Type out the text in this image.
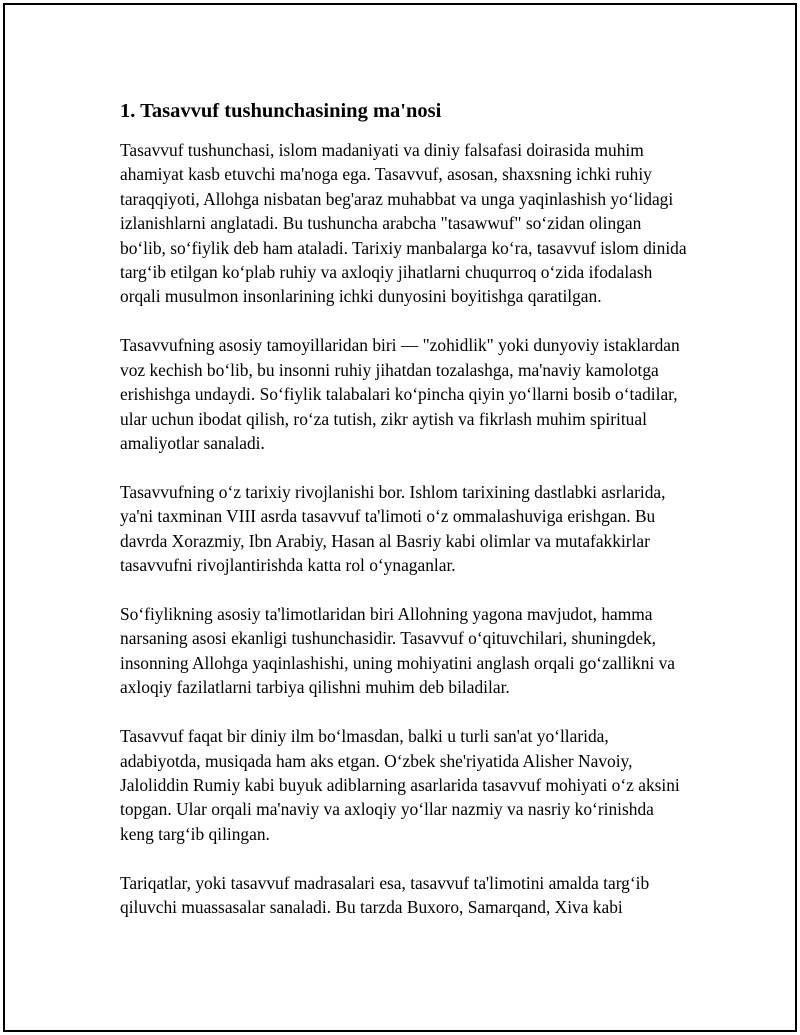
1. Tasavvuf tushunchasining ma'nosi

Tasavvuf tushunchasi, islom madaniyati va diniy falsafasi doirasida muhim ahamiyat kasb etuvchi ma'noga ega. Tasavvuf, asosan, shaxsning ichki ruhiy taraqqiyoti, Allohga nisbatan beg'araz muhabbat va unga yaqinlashish yo‘lidagi izlanishlarni anglatadi. Bu tushuncha arabcha "tasawwuf" so‘zidan olingan bo‘lib, so‘fiylik deb ham ataladi. Tarixiy manbalarga ko‘ra, tasavvuf islom dinida targ‘ib etilgan ko‘plab ruhiy va axloqiy jihatlarni chuqurroq o‘zida ifodalash orqali musulmon insonlarining ichki dunyosini boyitishga qaratilgan.

Tasavvufning asosiy tamoyillaridan biri — "zohidlik" yoki dunyoviy istaklardan voz kechish bo‘lib, bu insonni ruhiy jihatdan tozalashga, ma'naviy kamolotga erishishga undaydi. So‘fiylik talabalari ko‘pincha qiyin yo‘llarni bosib o‘tadilar, ular uchun ibodat qilish, ro‘za tutish, zikr aytish va fikrlash muhim spiritual amaliyotlar sanaladi.

Tasavvufning o‘z tarixiy rivojlanishi bor. Ishlom tarixining dastlabki asrlarida, ya'ni taxminan VIII asrda tasavvuf ta'limoti o‘z ommalashuviga erishgan. Bu davrda Xorazmiy, Ibn Arabiy, Hasan al Basriy kabi olimlar va mutafakkirlar tasavvufni rivojlantirishda katta rol o‘ynaganlar.

So‘fiylikning asosiy ta'limotlaridan biri Allohning yagona mavjudot, hamma narsaning asosi ekanligi tushunchasidir. Tasavvuf o‘qituvchilari, shuningdek, insonning Allohga yaqinlashishi, uning mohiyatini anglash orqali go‘zallikni va axloqiy fazilatlarni tarbiya qilishni muhim deb biladilar.

Tasavvuf faqat bir diniy ilm bo‘lmasdan, balki u turli san'at yo‘llarida, adabiyotda, musiqada ham aks etgan. O‘zbek she'riyatida Alisher Navoiy, Jaloliddin Rumiy kabi buyuk adiblarning asarlarida tasavvuf mohiyati o‘z aksini topgan. Ular orqali ma'naviy va axloqiy yo‘llar nazmiy va nasriy ko‘rinishda keng targ‘ib qilingan.

Tariqatlar, yoki tasavvuf madrasalari esa, tasavvuf ta'limotini amalda targ‘ib qiluvchi muassasalar sanaladi. Bu tarzda Buxoro, Samarqand, Xiva kabi
